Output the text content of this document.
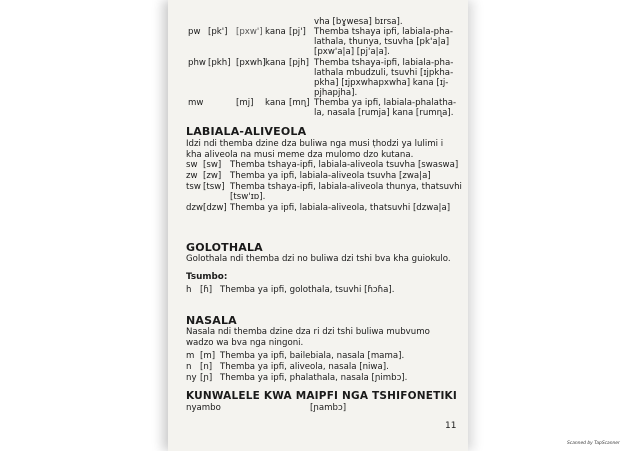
pw [pk'] [pxw'] kana [pj']
vha [bɣwesa] bɪrsa].
Themba tshaya ipfi, labiala-pha-
lathala, thunya, tsuvha [pk'a|a]
[pxw'a|a] [pj'a|a].
phw [pkh] [pxwh] kana [pjh] Themba tshaya-ipfi, labiala-pha-
lathala mbudzuli, tsuvhi [ɪjpkha-
pkha] [ɪjpxwhapxwha] kana [ɪj-
pjhapjha].
mw	[mj] kana [mɳ] Themba ya ipfi, labiala-phalatha-
la, nasala [rumja] kana [rumɳa].
LABIALA-ALIVEOLA
Idzi ndi themba dzine dza buliwa nga musi ṭhodzi ya lulimi i kha aliveola na musi meme dza mulomo dzo kutana.
sw [sw] Themba tshaya-ipfi, labiala-aliveola tsuvha [swaswa]
zw [zw] Themba ya ipfi, labiala-aliveola tsuvha [zwa|a]
tsw [tsw] Themba tshaya-ipfi, labiala-aliveola thunya, thatsuvhi
[tsw'ɪɒ].
dzw [dzw] Themba ya ipfi, labiala-aliveola, thatsuvhi [dzwa|a]
GOLOTHALA
Golothala ndi themba dzi no buliwa dzi tshi bva kha guiokulo.
Tsumbo:
h [ɦ] Themba ya ipfi, golothala, tsuvhi [ɦɔɦa].
NASALA
Nasala ndi themba dzine dza ri dzi tshi buliwa mubvumo wadzo wa bva nga ningoni.
m [m] Themba ya ipfi, bailebiala, nasala [mama].
n [n] Themba ya ipfi, aliveola, nasala [niwa].
ny [ɲ] Themba ya ipfi, phalathala, nasala [ɲimbɔ].
KUNWALELE KWA MAIPFI NGA TSHIFONETIKI
nyambo	[ɲambɔ]
11
Scanned by TapScanner
